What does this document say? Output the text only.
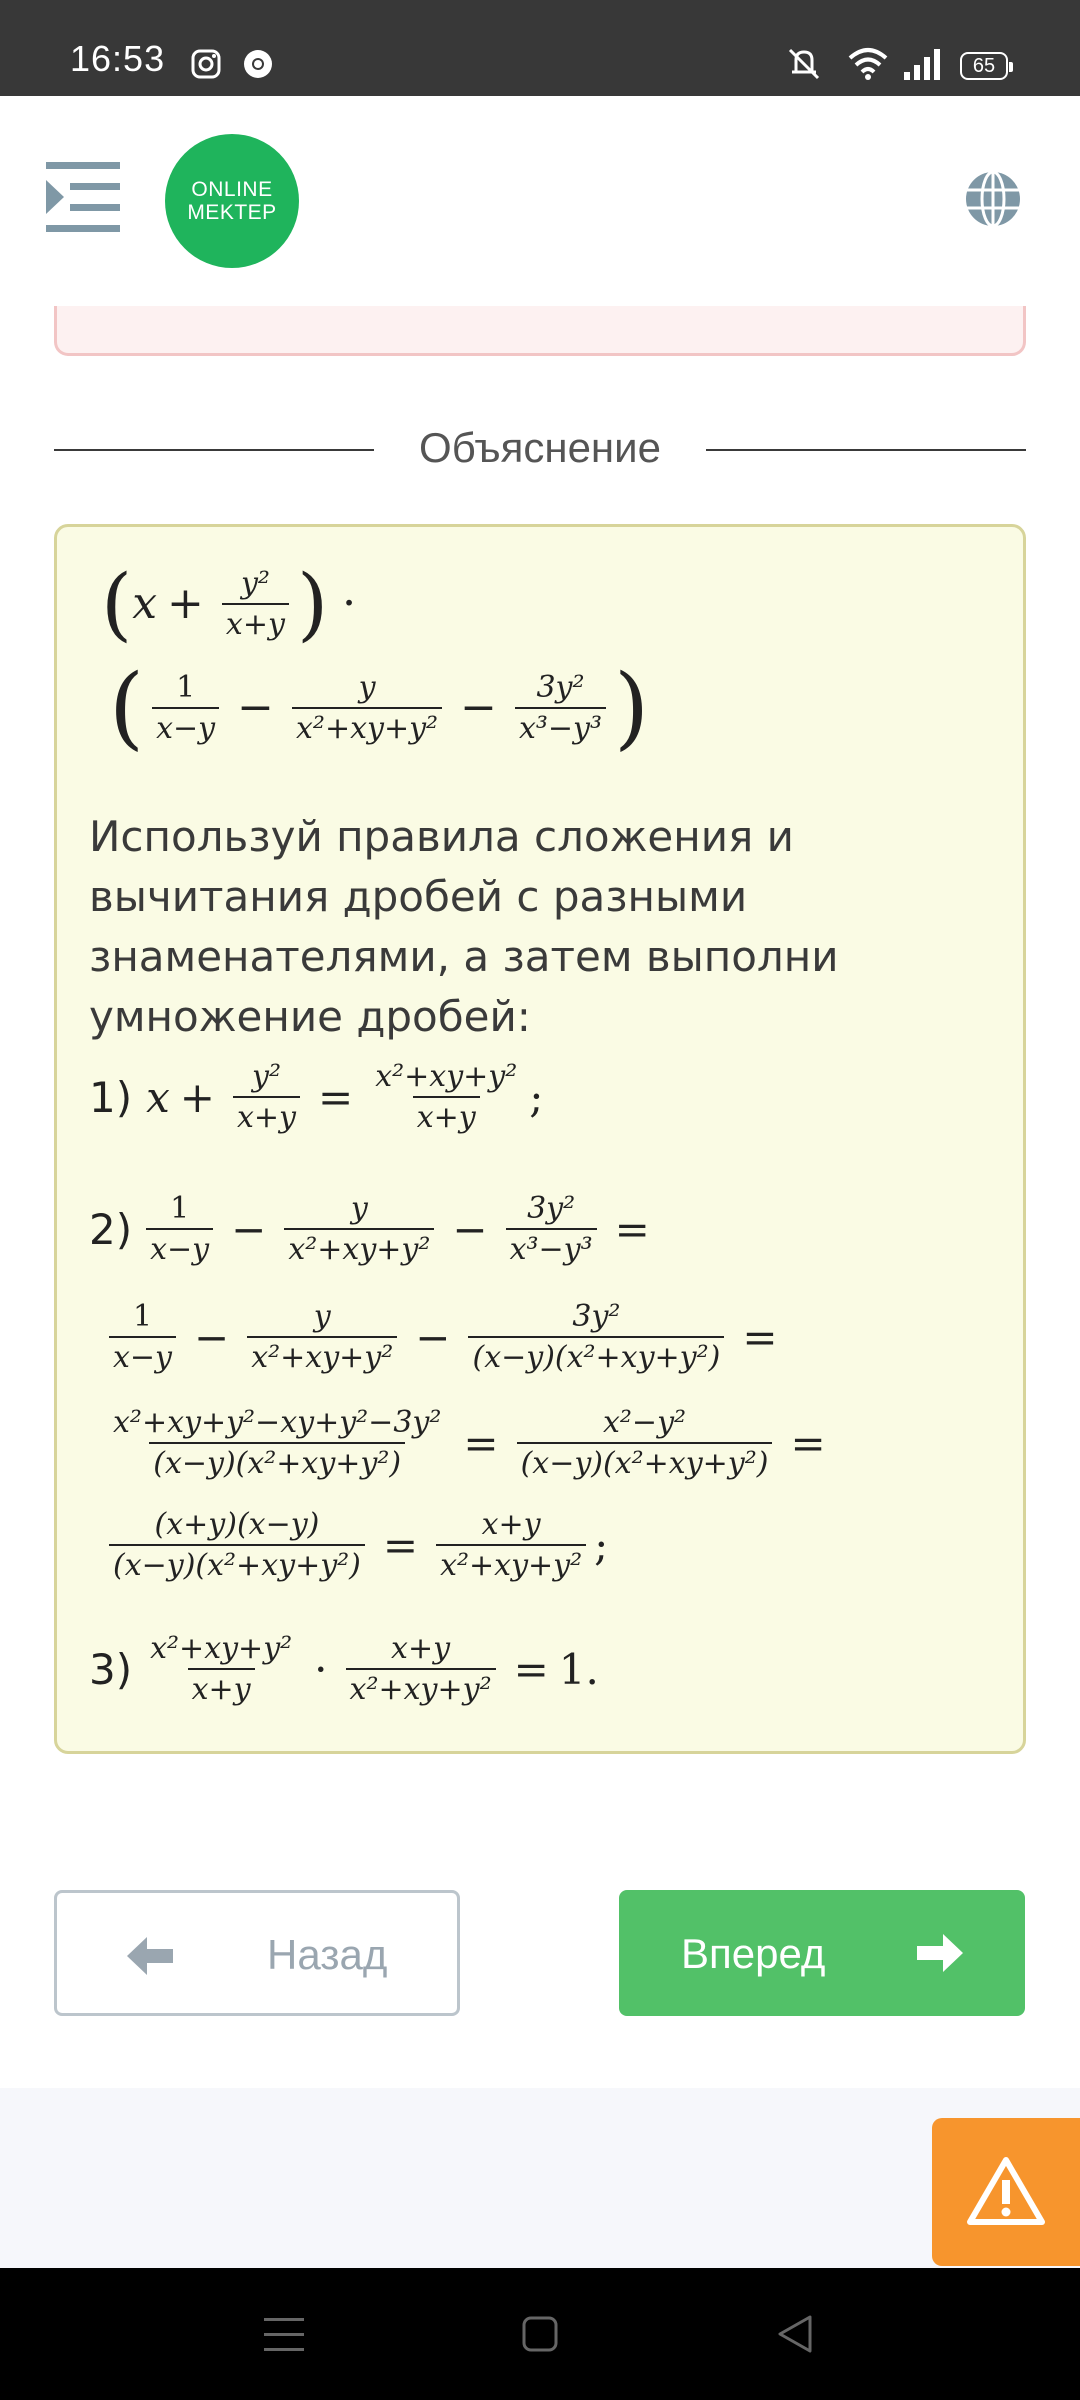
16:53	65
ONLINE
MEKTEP
Объяснение
( $x + \frac{\text{y²}}{x+y}$ ) ·
( $\frac{1}{x-y} - \frac{y}{\text{x²+xy+y²}} - \frac{\text{3y²}}{\text{x³−y³}}$ )

Используй правила сложения и вычитания дробей с разными знаменателями, а затем выполни умножение дробей:

1) $x + \frac{\text{y²}}{x+y} = \frac{\text{x²+xy+y²}}{x+y}$ ;
$2) \frac{1}{x-y} - \frac{y}{\text{x²+xy+y²}} - \frac{\text{3y²}}{\text{x³−y³}}$ =
$\frac{1}{x-y} - \frac{y}{\text{x²+xy+y²}} - \frac{\text{3y²}}{\text{(x−y)(x²+xy+y²)}}$ =
$\frac{\text{x²+xy+y²−xy+y²−3y²}}{\text{(x−y)(x²+xy+y²)}} = \frac{\text{x²−y²}}{\text{(x−y)(x²+xy+y²)}}$ =
$\frac{(x+y)(x-y)}{\text{(x−y)(x²+xy+y²)}} = \frac{x+y}{\text{x²+xy+y²}}$ ;
$3) \frac{\text{x²+xy+y²}}{x+y} \cdot \frac{x+y}{\text{x²+xy+y²}} = 1$.
Назад	Вперед
